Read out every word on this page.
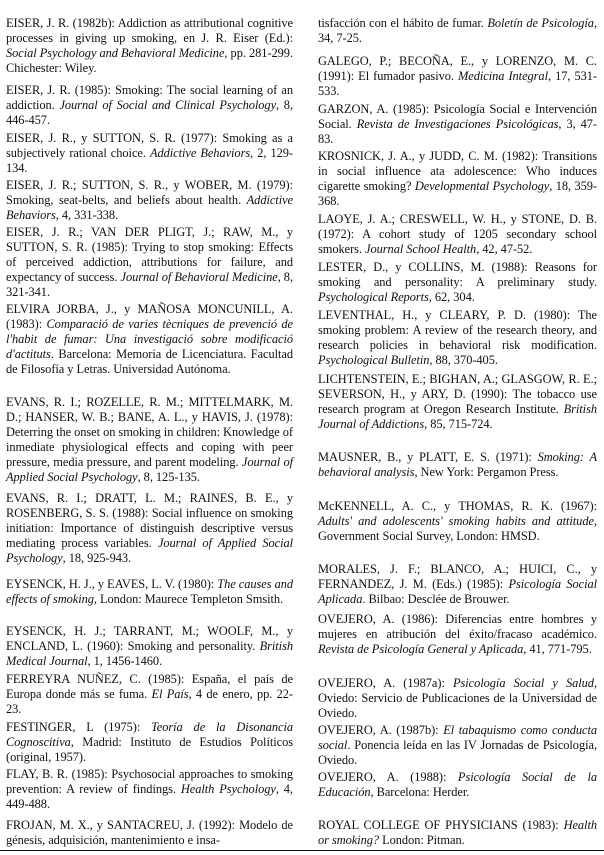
EISER, J. R. (1982b): Addiction as attributional cognitive processes in giving up smoking, en J. R. Eiser (Ed.): Social Psychology and Behavioral Medicine, pp. 281-299. Chichester: Wiley.

EISER, J. R. (1985): Smoking: The social learning of an addiction. Journal of Social and Clinical Psychology, 8, 446-457.

EISER, J. R., y SUTTON, S. R. (1977): Smoking as a subjectively rational choice. Addictive Behaviors, 2, 129-134.

EISER, J. R.; SUTTON, S. R., y WOBER, M. (1979): Smoking, seat-belts, and beliefs about health. Addictive Behaviors, 4, 331-338.

EISER, J. R.; VAN DER PLIGT, J.; RAW, M., y SUTTON, S. R. (1985): Trying to stop smoking: Effects of perceived addiction, attributions for failure, and expectancy of success. Journal of Behavioral Medicine, 8, 321-341.

ELVIRA JORBA, J., y MAÑOSA MONCUNILL, A. (1983): Comparació de varies tècniques de prevenció de l'habit de fumar: Una investigació sobre modificació d'actituts. Barcelona: Memoria de Licenciatura. Facultad de Filosofía y Letras. Universidad Autónoma.

EVANS, R. I.; ROZELLE, R. M.; MITTELMARK, M. D.; HANSER, W. B.; BANE, A. L., y HAVIS, J. (1978): Deterring the onset on smoking in children: Knowledge of inmediate physiological effects and coping with peer pressure, media pressure, and parent modeling. Journal of Applied Social Psychology, 8, 125-135.

EVANS, R. I.; DRATT, L. M.; RAINES, B. E., y ROSENBERG, S. S. (1988): Social influence on smoking initiation: Importance of distinguish descriptive versus mediating process variables. Journal of Applied Social Psychology, 18, 925-943.

EYSENCK, H. J., y EAVES, L. V. (1980): The causes and effects of smoking, London: Maurece Templeton Smsith.

EYSENCK, H. J.; TARRANT, M.; WOOLF, M., y ENCLAND, L. (1960): Smoking and personality. British Medical Journal, 1, 1456-1460.

FERREYRA NUÑEZ, C. (1985): España, el país de Europa donde más se fuma. El País, 4 de enero, pp. 22-23.

FESTINGER, L (1975): Teoría de la Disonancia Cognoscitiva, Madrid: Instituto de Estudios Políticos (original, 1957).

FLAY, B. R. (1985): Psychosocial approaches to smoking prevention: A review of findings. Health Psychology, 4, 449-488.

FROJAN, M. X., y SANTACREU, J. (1992): Modelo de génesis, adquisición, mantenimiento e insa-

tisfacción con el hábito de fumar. Boletín de Psicología, 34, 7-25.

GALEGO, P.; BECOÑA, E., y LORENZO, M. C. (1991): El fumador pasivo. Medicina Integral, 17, 531-533.

GARZON, A. (1985): Psicología Social e Intervención Social. Revista de Investigaciones Psicológicas, 3, 47-83.

KROSNICK, J. A., y JUDD, C. M. (1982): Transitions in social influence ata adolescence: Who induces cigarette smoking? Developmental Psychology, 18, 359-368.

LAOYE, J. A.; CRESWELL, W. H., y STONE, D. B. (1972): A cohort study of 1205 secondary school smokers. Journal School Health, 42, 47-52.

LESTER, D., y COLLINS, M. (1988): Reasons for smoking and personality: A preliminary study. Psychological Reports, 62, 304.

LEVENTHAL, H., y CLEARY, P. D. (1980): The smoking problem: A review of the research theory, and research policies in behavioral risk modification. Psychological Bulletin, 88, 370-405.

LICHTENSTEIN, E.; BIGHAN, A.; GLASGOW, R. E.; SEVERSON, H., y ARY, D. (1990): The tobacco use research program at Oregon Research Institute. British Journal of Addictions, 85, 715-724.

MAUSNER, B., y PLATT, E. S. (1971): Smoking: A behavioral analysis, New York: Pergamon Press.

McKENNELL, A. C., y THOMAS, R. K. (1967): Adults' and adolescents' smoking habits and attitude, Government Social Survey, London: HMSD.

MORALES, J. F.; BLANCO, A.; HUICI, C., y FERNANDEZ, J. M. (Eds.) (1985): Psicología Social Aplicada. Bilbao: Desclée de Brouwer.

OVEJERO, A. (1986): Diferencias entre hombres y mujeres en atribución del éxito/fracaso académico. Revista de Psicología General y Aplicada, 41, 771-795.

OVEJERO, A. (1987a): Psicología Social y Salud, Oviedo: Servicio de Publicaciones de la Universidad de Oviedo.

OVEJERO, A. (1987b): El tabaquismo como conducta social. Ponencia leída en las IV Jornadas de Psicología, Oviedo.

OVEJERO, A. (1988): Psicología Social de la Educación, Barcelona: Herder.

ROYAL COLLEGE OF PHYSICIANS (1983): Health or smoking? London: Pitman.
